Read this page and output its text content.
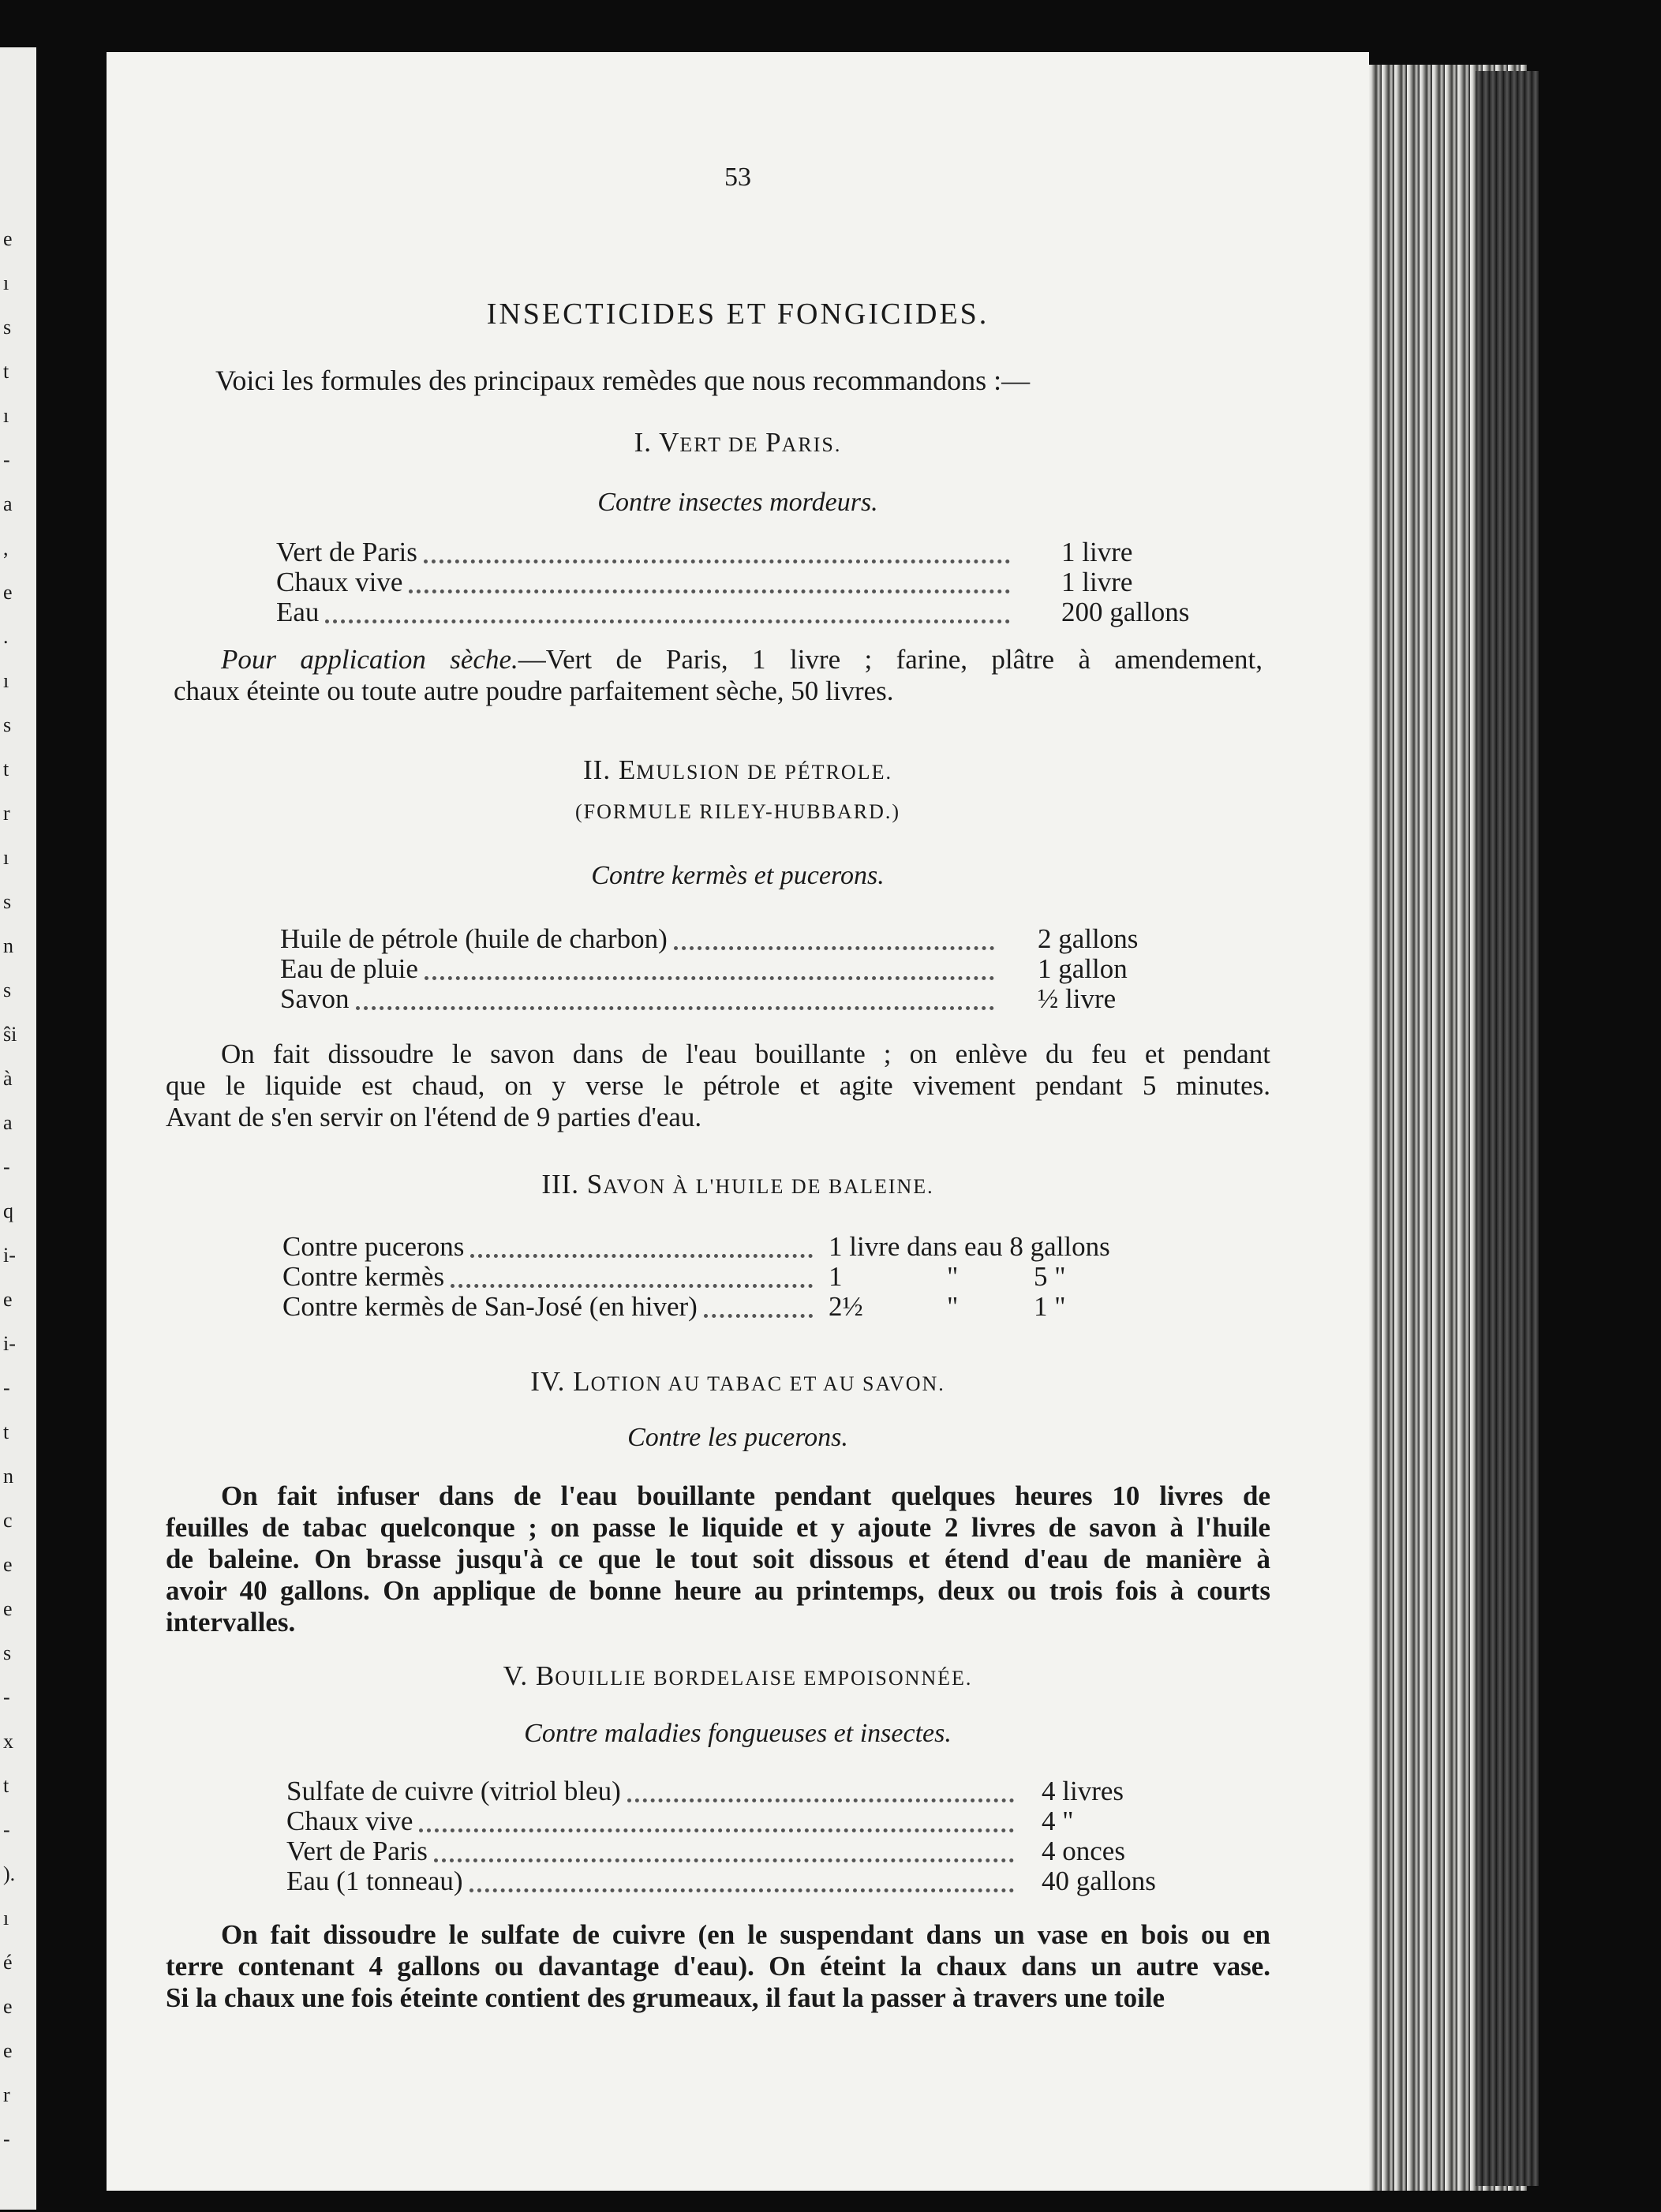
e
ı
s
t
ı
-
a
,
e
.
ı
s
t
r
ı
s
n
s
ŝi
à
a
-
q
i-
e
i-
-
t
n
c
e
e
s
-
x
t
-
).
ı
é
e
e
r
-
53
INSECTICIDES ET FONGICIDES.
Voici les formules des principaux remèdes que nous recommandons :—
I. VERT DE PARIS.
Contre insectes mordeurs.
Vert de Paris	1 livre
Chaux vive	1 livre
Eau	200 gallons
Pour application sèche.—Vert de Paris, 1 livre ; farine, plâtre à amendement,
chaux éteinte ou toute autre poudre parfaitement sèche, 50 livres.
II. EMULSION DE PÉTROLE.
(FORMULE RILEY-HUBBARD.)
Contre kermès et pucerons.
Huile de pétrole (huile de charbon)	2 gallons
Eau de pluie	1 gallon
Savon	½ livre
On fait dissoudre le savon dans de l'eau bouillante ; on enlève du feu et pendant
que le liquide est chaud, on y verse le pétrole et agite vivement pendant 5 minutes.
Avant de s'en servir on l'étend de 9 parties d'eau.
III. SAVON À L'HUILE DE BALEINE.
Contre pucerons	1 livre dans eau 8 gallons
Contre kermès	1	"	5 "
Contre kermès de San-José (en hiver)	2½	"	1 "
IV. LOTION AU TABAC ET AU SAVON.
Contre les pucerons.
On fait infuser dans de l'eau bouillante pendant quelques heures 10 livres de
feuilles de tabac quelconque ; on passe le liquide et y ajoute 2 livres de savon à l'huile
de baleine. On brasse jusqu'à ce que le tout soit dissous et étend d'eau de manière à
avoir 40 gallons. On applique de bonne heure au printemps, deux ou trois fois à courts
intervalles.
V. BOUILLIE BORDELAISE EMPOISONNÉE.
Contre maladies fongueuses et insectes.
Sulfate de cuivre (vitriol bleu)	4 livres
Chaux vive	4 "
Vert de Paris	4 onces
Eau (1 tonneau)	40 gallons
On fait dissoudre le sulfate de cuivre (en le suspendant dans un vase en bois ou en
terre contenant 4 gallons ou davantage d'eau). On éteint la chaux dans un autre vase.
Si la chaux une fois éteinte contient des grumeaux, il faut la passer à travers une toile
